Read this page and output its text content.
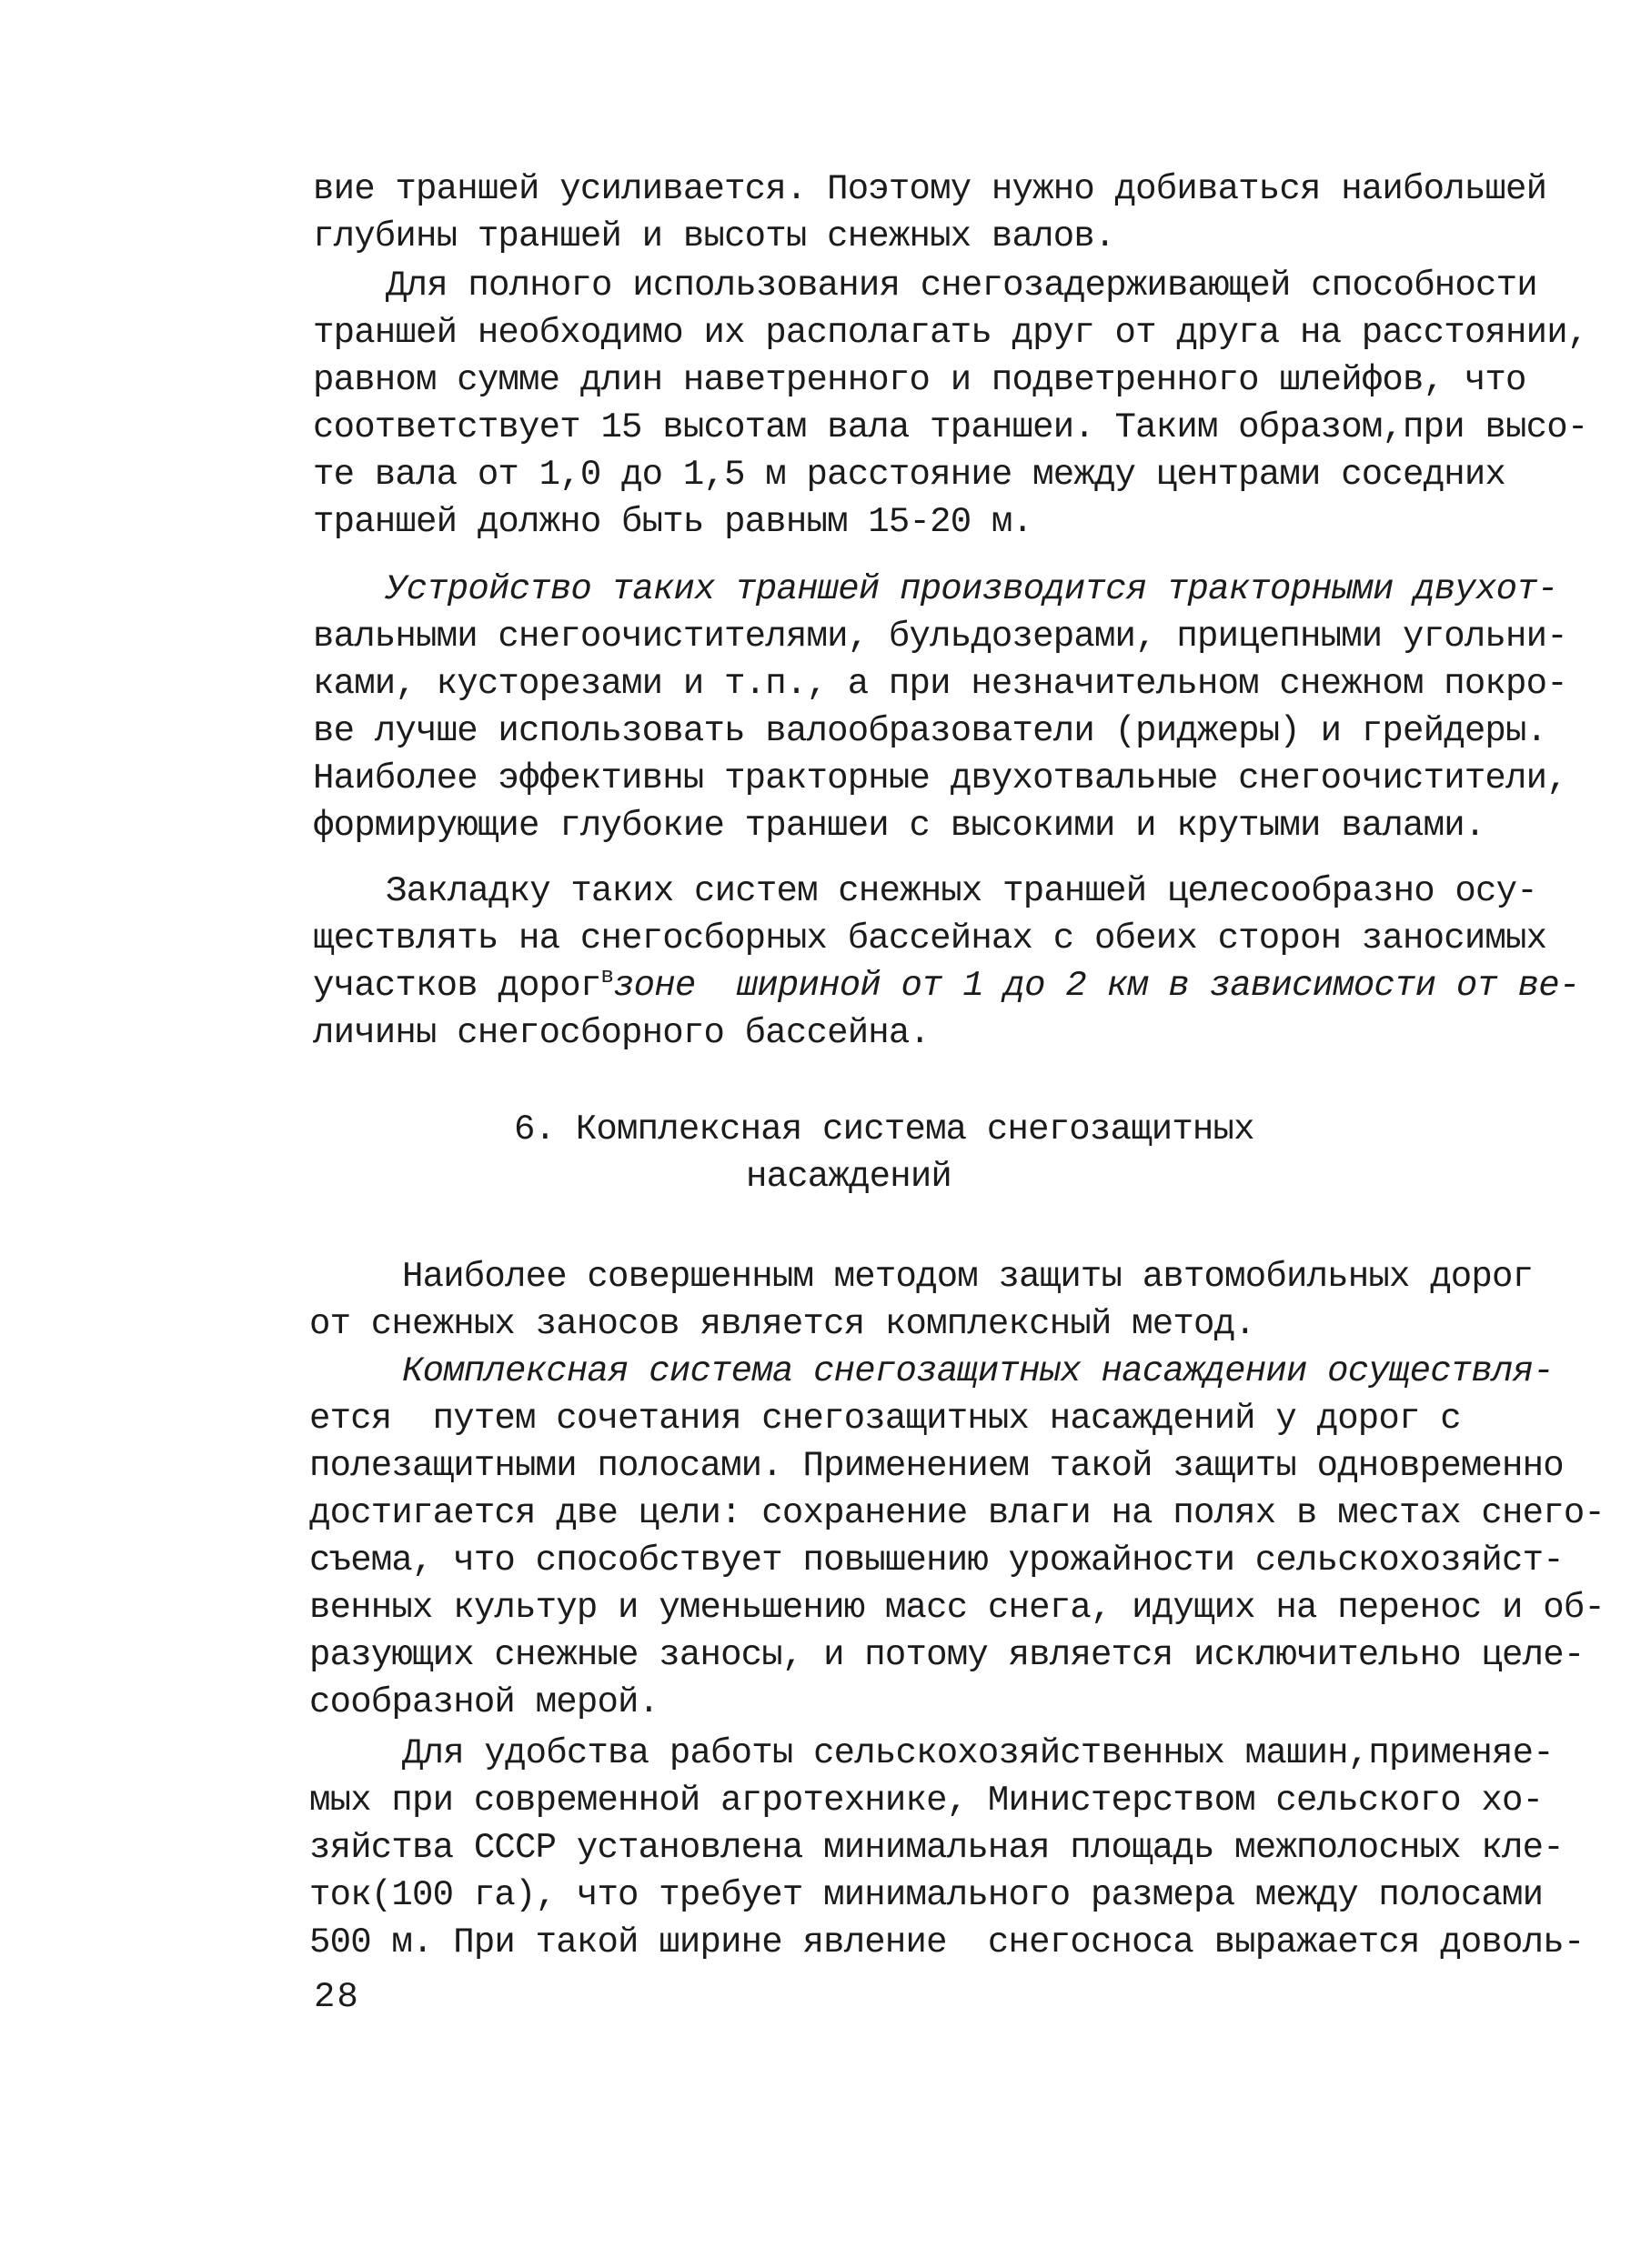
вие траншей усиливается. Поэтому нужно добиваться наибольшей
глубины траншей и высоты снежных валов.
Для полного использования снегозадерживающей способности
траншей необходимо их располагать друг от друга на расстоянии,
равном сумме длин наветренного и подветренного шлейфов, что
соответствует 15 высотам вала траншеи. Таким образом,при высо-
те вала от 1,0 до 1,5 м расстояние между центрами соседних
траншей должно быть равным 15-20 м.
Устройство таких траншей производится тракторными двухот-
вальными снегоочистителями, бульдозерами, прицепными угольни-
ками, кусторезами и т.п., а при незначительном снежном покро-
ве лучше использовать валообразователи (риджеры) и грейдеры.
Наиболее эффективны тракторные двухотвальные снегоочистители,
формирующие глубокие траншеи с высокими и крутыми валами.
Закладку таких систем снежных траншей целесообразно осу-
ществлять на снегосборных бассейнах с обеих сторон заносимых
участков дорог$^в$зоне  шириной от 1 до 2 км в зависимости от ве-
личины снегосборного бассейна.
6. Комплексная система снегозащитных
насаждений
Наиболее совершенным методом защиты автомобильных дорог
от снежных заносов является комплексный метод.
Комплексная система снегозащитных насаждении осуществля-
ется  путем сочетания снегозащитных насаждений у дорог с
полезащитными полосами. Применением такой защиты одновременно
достигается две цели: сохранение влаги на полях в местах снего-
съема, что способствует повышению урожайности сельскохозяйст-
венных культур и уменьшению масс снега, идущих на перенос и об-
разующих снежные заносы, и потому является исключительно целе-
сообразной мерой.
Для удобства работы сельскохозяйственных машин,применяе-
мых при современной агротехнике, Министерством сельского хо-
зяйства СССР установлена минимальная площадь межполосных кле-
ток(100 га), что требует минимального размера между полосами
500 м. При такой ширине явление  снегосноса выражается доволь-
28
